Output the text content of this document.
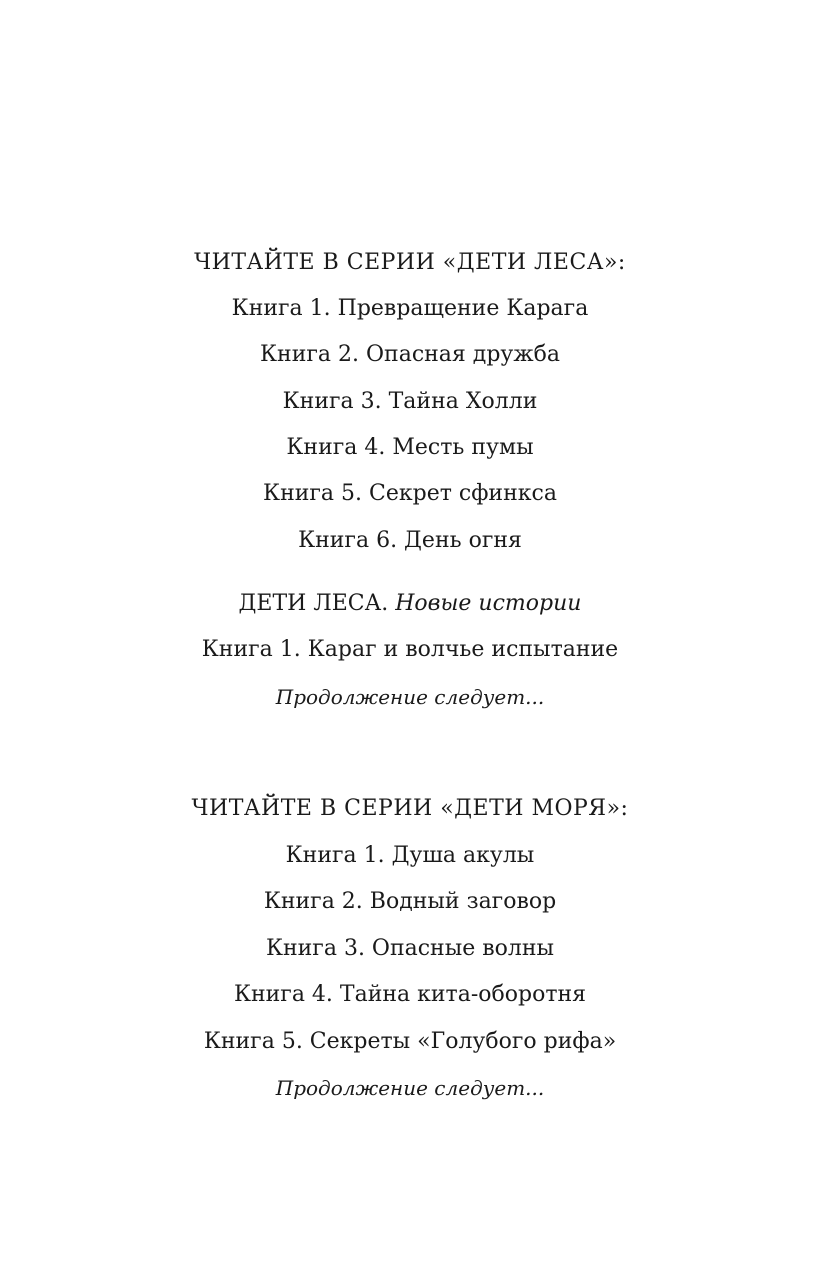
ЧИТАЙТЕ В СЕРИИ «ДЕТИ ЛЕСА»:
Книга 1. Превращение Карага
Книга 2. Опасная дружба
Книга 3. Тайна Холли
Книга 4. Месть пумы
Книга 5. Секрет сфинкса
Книга 6. День огня
ДЕТИ ЛЕСА. Новые истории
Книга 1. Караг и волчье испытание
Продолжение следует...
ЧИТАЙТЕ В СЕРИИ «ДЕТИ МОРЯ»:
Книга 1. Душа акулы
Книга 2. Водный заговор
Книга 3. Опасные волны
Книга 4. Тайна кита-оборотня
Книга 5. Секреты «Голубого рифа»
Продолжение следует...
